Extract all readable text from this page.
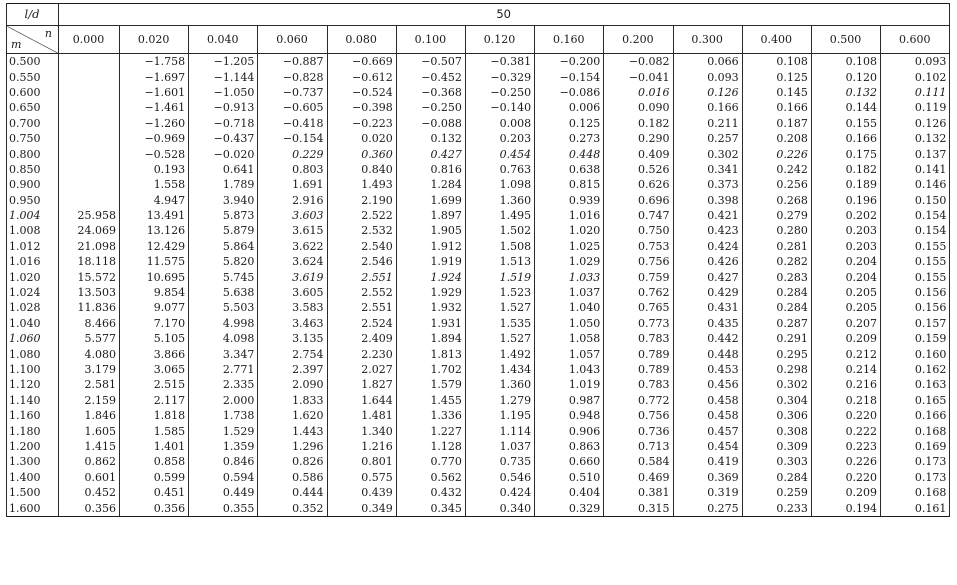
l/d	50												

n
m	0.000	0.020	0.040	0.060	0.080	0.100	0.120	0.160	0.200	0.300	0.400	0.500	0.600
0.500		−1.758	−1.205	−0.887	−0.669	−0.507	−0.381	−0.200	−0.082	0.066	0.108	0.108	0.093
0.550		−1.697	−1.144	−0.828	−0.612	−0.452	−0.329	−0.154	−0.041	0.093	0.125	0.120	0.102
0.600		−1.601	−1.050	−0.737	−0.524	−0.368	−0.250	−0.086	0.016	0.126	0.145	0.132	0.111
0.650		−1.461	−0.913	−0.605	−0.398	−0.250	−0.140	0.006	0.090	0.166	0.166	0.144	0.119
0.700		−1.260	−0.718	−0.418	−0.223	−0.088	0.008	0.125	0.182	0.211	0.187	0.155	0.126
0.750		−0.969	−0.437	−0.154	0.020	0.132	0.203	0.273	0.290	0.257	0.208	0.166	0.132
0.800		−0.528	−0.020	0.229	0.360	0.427	0.454	0.448	0.409	0.302	0.226	0.175	0.137
0.850		0.193	0.641	0.803	0.840	0.816	0.763	0.638	0.526	0.341	0.242	0.182	0.141
0.900		1.558	1.789	1.691	1.493	1.284	1.098	0.815	0.626	0.373	0.256	0.189	0.146
0.950		4.947	3.940	2.916	2.190	1.699	1.360	0.939	0.696	0.398	0.268	0.196	0.150
1.004	25.958	13.491	5.873	3.603	2.522	1.897	1.495	1.016	0.747	0.421	0.279	0.202	0.154
1.008	24.069	13.126	5.879	3.615	2.532	1.905	1.502	1.020	0.750	0.423	0.280	0.203	0.154
1.012	21.098	12.429	5.864	3.622	2.540	1.912	1.508	1.025	0.753	0.424	0.281	0.203	0.155
1.016	18.118	11.575	5.820	3.624	2.546	1.919	1.513	1.029	0.756	0.426	0.282	0.204	0.155
1.020	15.572	10.695	5.745	3.619	2.551	1.924	1.519	1.033	0.759	0.427	0.283	0.204	0.155
1.024	13.503	9.854	5.638	3.605	2.552	1.929	1.523	1.037	0.762	0.429	0.284	0.205	0.156
1.028	11.836	9.077	5.503	3.583	2.551	1.932	1.527	1.040	0.765	0.431	0.284	0.205	0.156
1.040	8.466	7.170	4.998	3.463	2.524	1.931	1.535	1.050	0.773	0.435	0.287	0.207	0.157
1.060	5.577	5.105	4.098	3.135	2.409	1.894	1.527	1.058	0.783	0.442	0.291	0.209	0.159
1.080	4.080	3.866	3.347	2.754	2.230	1.813	1.492	1.057	0.789	0.448	0.295	0.212	0.160
1.100	3.179	3.065	2.771	2.397	2.027	1.702	1.434	1.043	0.789	0.453	0.298	0.214	0.162
1.120	2.581	2.515	2.335	2.090	1.827	1.579	1.360	1.019	0.783	0.456	0.302	0.216	0.163
1.140	2.159	2.117	2.000	1.833	1.644	1.455	1.279	0.987	0.772	0.458	0.304	0.218	0.165
1.160	1.846	1.818	1.738	1.620	1.481	1.336	1.195	0.948	0.756	0.458	0.306	0.220	0.166
1.180	1.605	1.585	1.529	1.443	1.340	1.227	1.114	0.906	0.736	0.457	0.308	0.222	0.168
1.200	1.415	1.401	1.359	1.296	1.216	1.128	1.037	0.863	0.713	0.454	0.309	0.223	0.169
1.300	0.862	0.858	0.846	0.826	0.801	0.770	0.735	0.660	0.584	0.419	0.303	0.226	0.173
1.400	0.601	0.599	0.594	0.586	0.575	0.562	0.546	0.510	0.469	0.369	0.284	0.220	0.173
1.500	0.452	0.451	0.449	0.444	0.439	0.432	0.424	0.404	0.381	0.319	0.259	0.209	0.168
1.600	0.356	0.356	0.355	0.352	0.349	0.345	0.340	0.329	0.315	0.275	0.233	0.194	0.161
